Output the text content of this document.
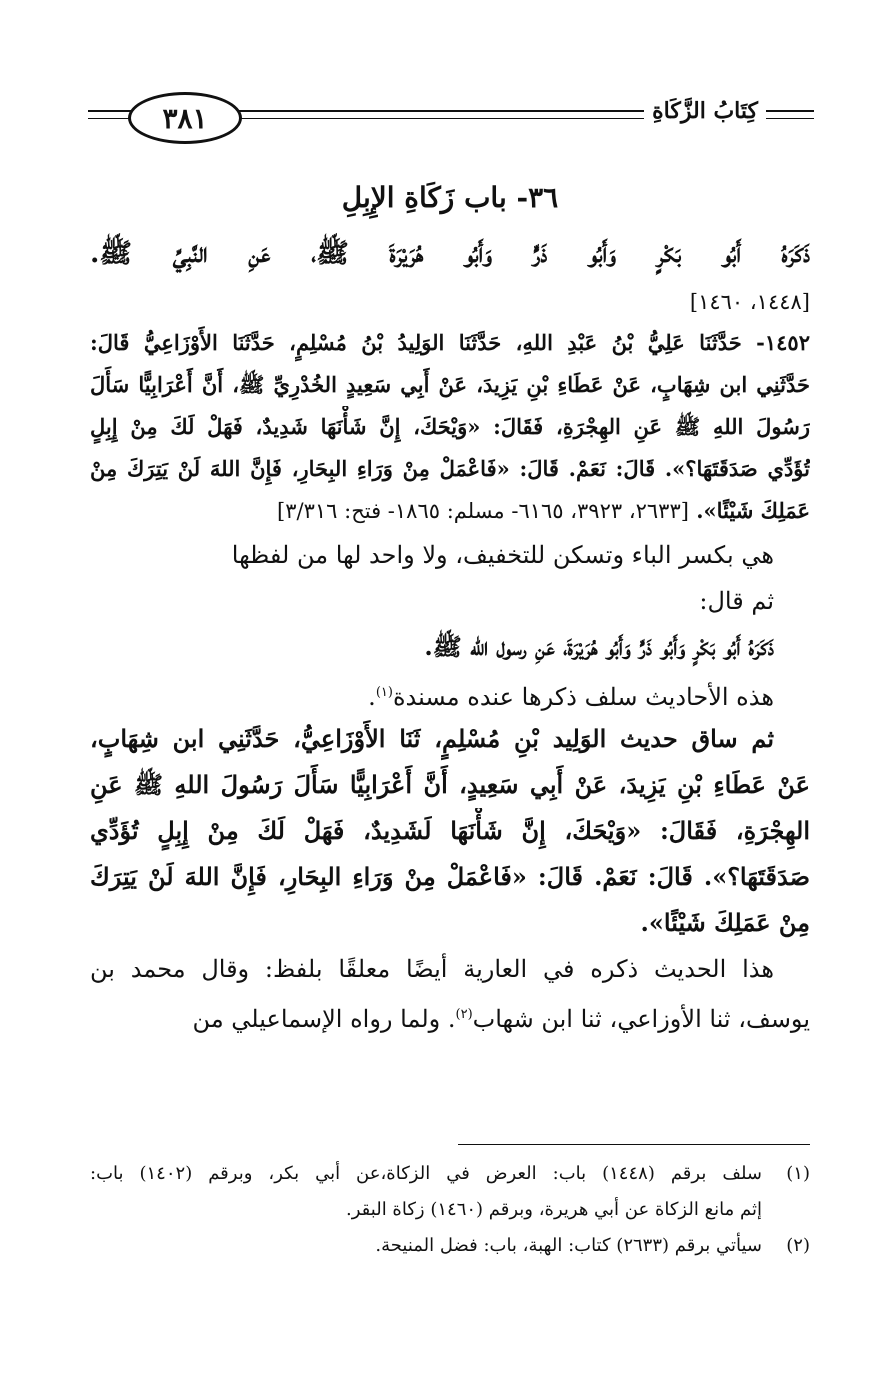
٣٨١	كِتَابُ الزَّكَاةِ
٣٦- باب زَكَاةِ الإِبِلِ
ذَكَرَهُ أَبُو بَكْرٍ وَأَبُو ذَرٍّ وَأَبُو هُرَيْرَةَ ﷺ، عَنِ النَّبِيِّ ﷺ.
[١٤٤٨، ١٤٦٠]
١٤٥٢- حَدَّثَنَا عَلِيُّ بْنُ عَبْدِ اللهِ، حَدَّثَنَا الوَلِيدُ بْنُ مُسْلِمٍ، حَدَّثَنَا الأَوْزَاعِيُّ قَالَ:
حَدَّثَنِي ابن شِهَابٍ، عَنْ عَطَاءِ بْنِ يَزِيدَ، عَنْ أَبِي سَعِيدٍ الخُدْرِيِّ ﷺ، أَنَّ أَعْرَابِيًّا سَأَلَ
رَسُولَ اللهِ ﷺ عَنِ الهِجْرَةِ، فَقَالَ: «وَيْحَكَ، إِنَّ شَأْنَهَا شَدِيدٌ، فَهَلْ لَكَ مِنْ إِبِلٍ
تُؤَدِّي صَدَقَتَهَا؟». قَالَ: نَعَمْ. قَالَ: «فَاعْمَلْ مِنْ وَرَاءِ البِحَارِ، فَإِنَّ اللهَ لَنْ يَتِرَكَ مِنْ
عَمَلِكَ شَيْئًا». [٢٦٣٣، ٣٩٢٣، ٦١٦٥- مسلم: ١٨٦٥- فتح: ٣/٣١٦]
هي بكسر الباء وتسكن للتخفيف، ولا واحد لها من لفظها
ثم قال:
ذَكَرَهُ أَبُو بَكْرٍ وَأَبُو ذَرٍّ وَأَبُو هُرَيْرَةَ، عَنِ رسول الله ﷺ.
هذه الأحاديث سلف ذكرها عنده مسندة$^{(١)}$.
ثم ساق حديث الوَلِيد بْنِ مُسْلِمٍ، ثَنَا الأَوْزَاعِيُّ، حَدَّثَنِي ابن شِهَابٍ،
عَنْ عَطَاءِ بْنِ يَزِيدَ، عَنْ أَبِي سَعِيدٍ، أَنَّ أَعْرَابِيًّا سَأَلَ رَسُولَ اللهِ ﷺ عَنِ
الهِجْرَةِ، فَقَالَ: «وَيْحَكَ، إِنَّ شَأْنَهَا لَشَدِيدٌ، فَهَلْ لَكَ مِنْ إِبِلٍ تُؤَدِّي
صَدَقَتَهَا؟». قَالَ: نَعَمْ. قَالَ: «فَاعْمَلْ مِنْ وَرَاءِ البِحَارِ، فَإِنَّ اللهَ لَنْ يَتِرَكَ
مِنْ عَمَلِكَ شَيْئًا».
هذا الحديث ذكره في العارية أيضًا معلقًا بلفظ: وقال محمد بن
يوسف، ثنا الأوزاعي، ثنا ابن شهاب$^{(٢)}$. ولما رواه الإسماعيلي من
(١)
سلف برقم (١٤٤٨) باب: العرض في الزكاة،عن أبي بكر، وبرقم (١٤٠٢) باب:
إثم مانع الزكاة عن أبي هريرة، وبرقم (١٤٦٠) زكاة البقر.
(٢)
سيأتي برقم (٢٦٣٣) كتاب: الهبة، باب: فضل المنيحة.
